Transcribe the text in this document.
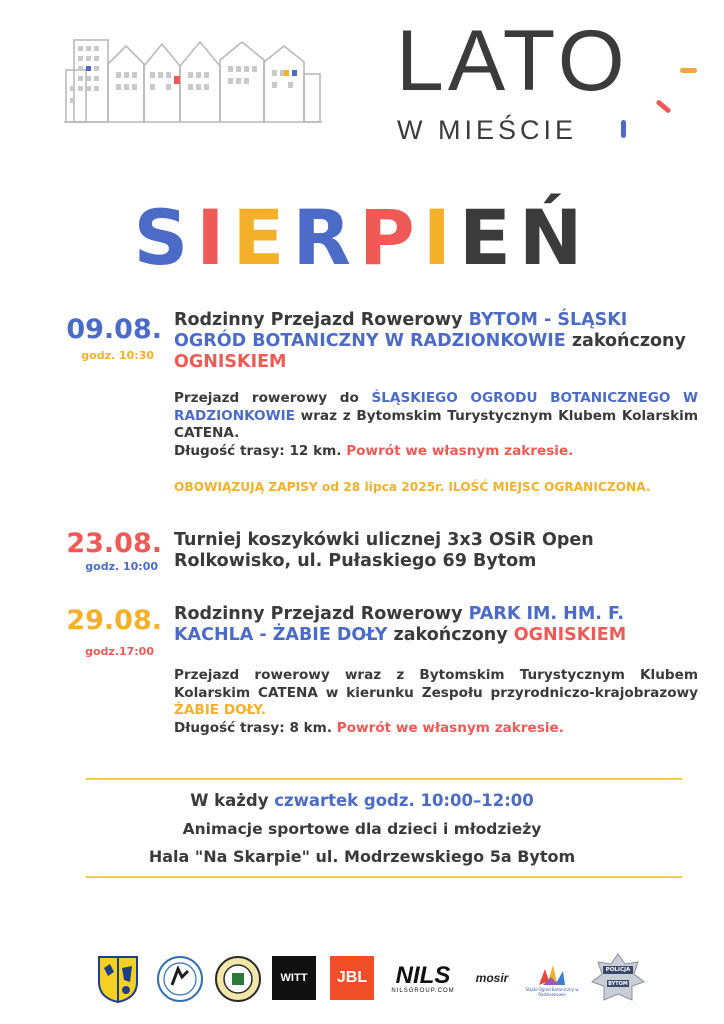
LATO
W MIEŚCIE
SIERPIEŃ
09.08.
godz. 10:30
Rodzinny Przejazd Rowerowy BYTOM - ŚLĄSKI OGRÓD BOTANICZNY W RADZIONKOWIE zakończony OGNISKIEM
Przejazd rowerowy do ŚLĄSKIEGO OGRODU BOTANICZNEGO W RADZIONKOWIE wraz z Bytomskim Turystycznym Klubem Kolarskim CATENA.
Długość trasy: 12 km. Powrót we własnym zakresie.
OBOWIĄZUJĄ ZAPISY od 28 lipca 2025r. ILOŚĆ MIEJSC OGRANICZONA.
23.08.
godz. 10:00
Turniej koszykówki ulicznej 3x3 OSiR Open
Rolkowisko, ul. Pułaskiego 69 Bytom
29.08.
godz.17:00
Rodzinny Przejazd Rowerowy PARK IM. HM. F. KACHLA - ŻABIE DOŁY zakończony OGNISKIEM
Przejazd rowerowy wraz z Bytomskim Turystycznym Klubem Kolarskim CATENA w kierunku Zespołu przyrodniczo-krajobrazowy ŻABIE DOŁY.
Długość trasy: 8 km. Powrót we własnym zakresie.
W każdy czwartek godz. 10:00–12:00
Animacje sportowe dla dzieci i młodzieży
Hala "Na Skarpie" ul. Modrzewskiego 5a Bytom
WITT JBL NILS
NILSGROUP.COM
mosir
Śląski Ogród Botaniczny w Radzionkowie
POLICJA
BYTOM
